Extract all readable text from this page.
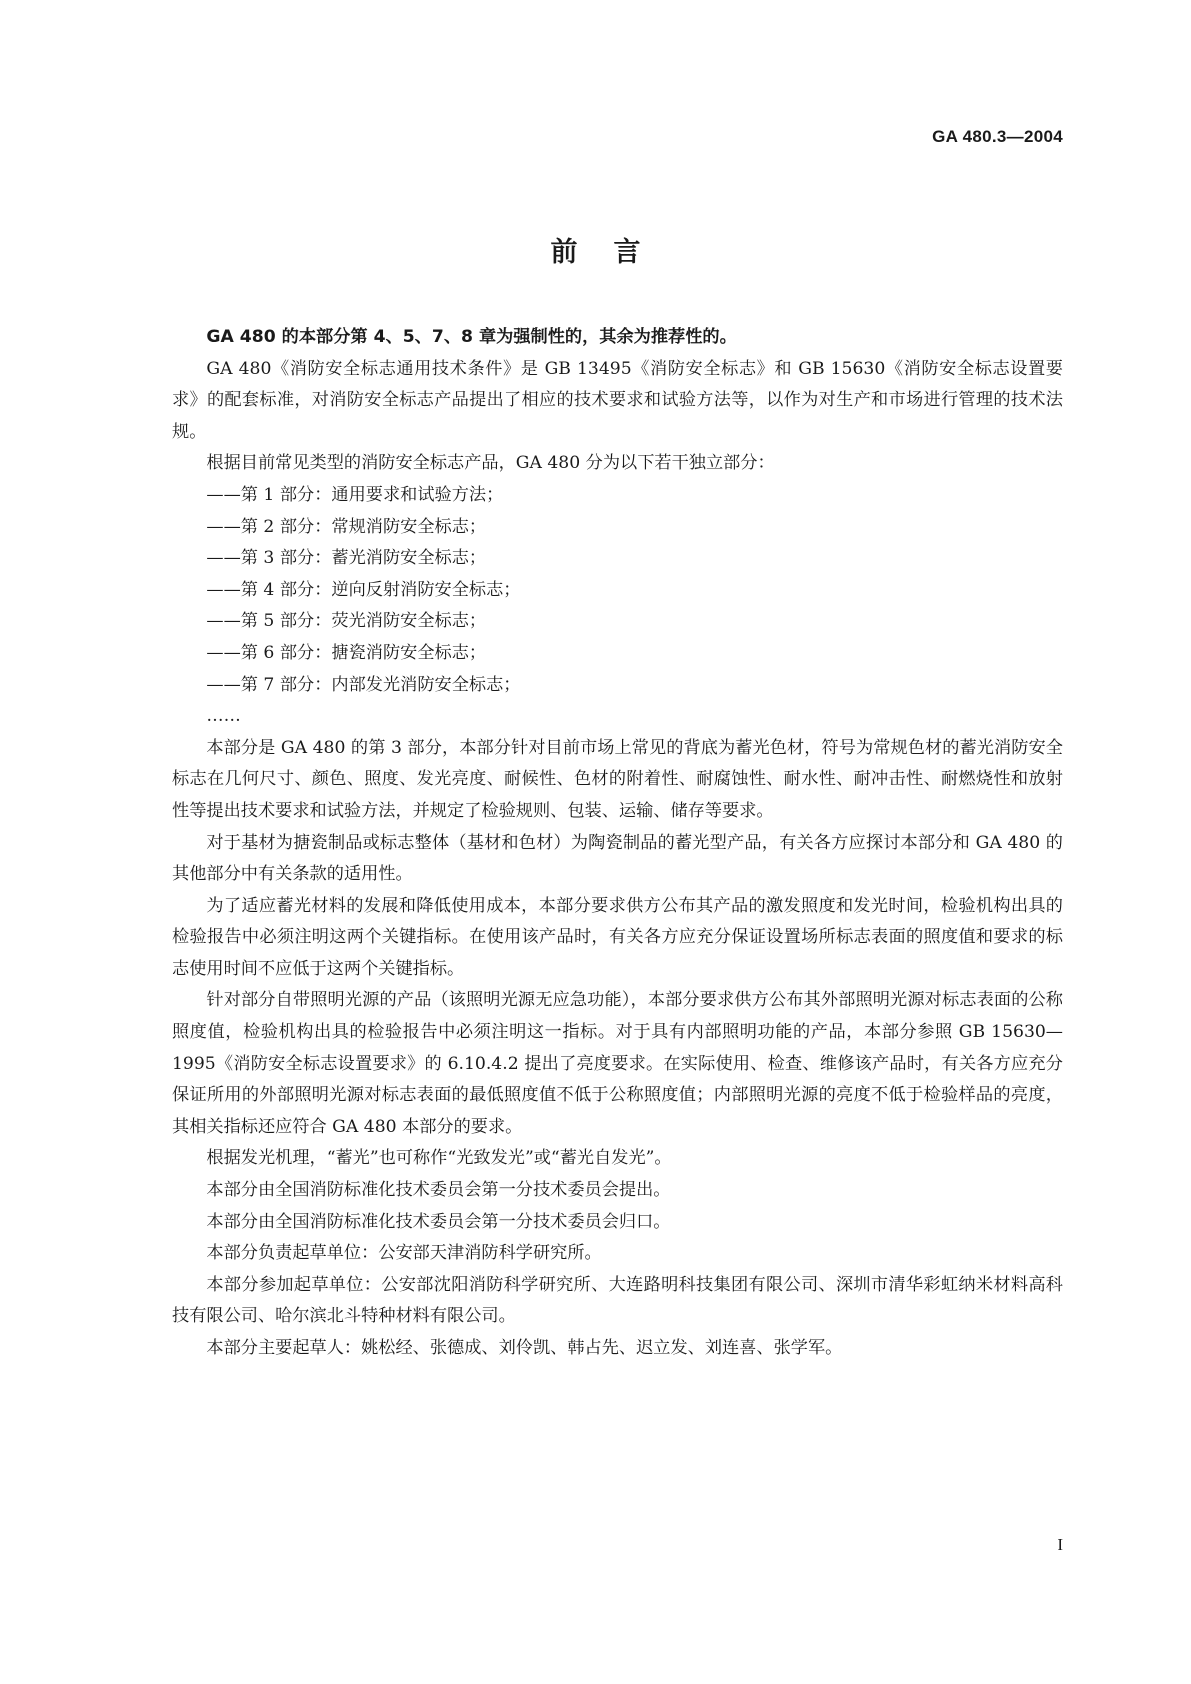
GA 480.3—2004
前言

GA 480 的本部分第 4、5、7、8 章为强制性的，其余为推荐性的。

GA 480《消防安全标志通用技术条件》是 GB 13495《消防安全标志》和 GB 15630《消防安全标志设置要求》的配套标准，对消防安全标志产品提出了相应的技术要求和试验方法等，以作为对生产和市场进行管理的技术法规。

根据目前常见类型的消防安全标志产品，GA 480 分为以下若干独立部分：

——第 1 部分：通用要求和试验方法；

——第 2 部分：常规消防安全标志；

——第 3 部分：蓄光消防安全标志；

——第 4 部分：逆向反射消防安全标志；

——第 5 部分：荧光消防安全标志；

——第 6 部分：搪瓷消防安全标志；

——第 7 部分：内部发光消防安全标志；

……

本部分是 GA 480 的第 3 部分，本部分针对目前市场上常见的背底为蓄光色材，符号为常规色材的蓄光消防安全标志在几何尺寸、颜色、照度、发光亮度、耐候性、色材的附着性、耐腐蚀性、耐水性、耐冲击性、耐燃烧性和放射性等提出技术要求和试验方法，并规定了检验规则、包装、运输、储存等要求。

对于基材为搪瓷制品或标志整体（基材和色材）为陶瓷制品的蓄光型产品，有关各方应探讨本部分和 GA 480 的其他部分中有关条款的适用性。

为了适应蓄光材料的发展和降低使用成本，本部分要求供方公布其产品的激发照度和发光时间，检验机构出具的检验报告中必须注明这两个关键指标。在使用该产品时，有关各方应充分保证设置场所标志表面的照度值和要求的标志使用时间不应低于这两个关键指标。

针对部分自带照明光源的产品（该照明光源无应急功能），本部分要求供方公布其外部照明光源对标志表面的公称照度值，检验机构出具的检验报告中必须注明这一指标。对于具有内部照明功能的产品，本部分参照 GB 15630—1995《消防安全标志设置要求》的 6.10.4.2 提出了亮度要求。在实际使用、检查、维修该产品时，有关各方应充分保证所用的外部照明光源对标志表面的最低照度值不低于公称照度值；内部照明光源的亮度不低于检验样品的亮度，其相关指标还应符合 GA 480 本部分的要求。

根据发光机理，“蓄光”也可称作“光致发光”或“蓄光自发光”。

本部分由全国消防标准化技术委员会第一分技术委员会提出。

本部分由全国消防标准化技术委员会第一分技术委员会归口。

本部分负责起草单位：公安部天津消防科学研究所。

本部分参加起草单位：公安部沈阳消防科学研究所、大连路明科技集团有限公司、深圳市清华彩虹纳米材料高科技有限公司、哈尔滨北斗特种材料有限公司。

本部分主要起草人：姚松经、张德成、刘伶凯、韩占先、迟立发、刘连喜、张学军。

I
